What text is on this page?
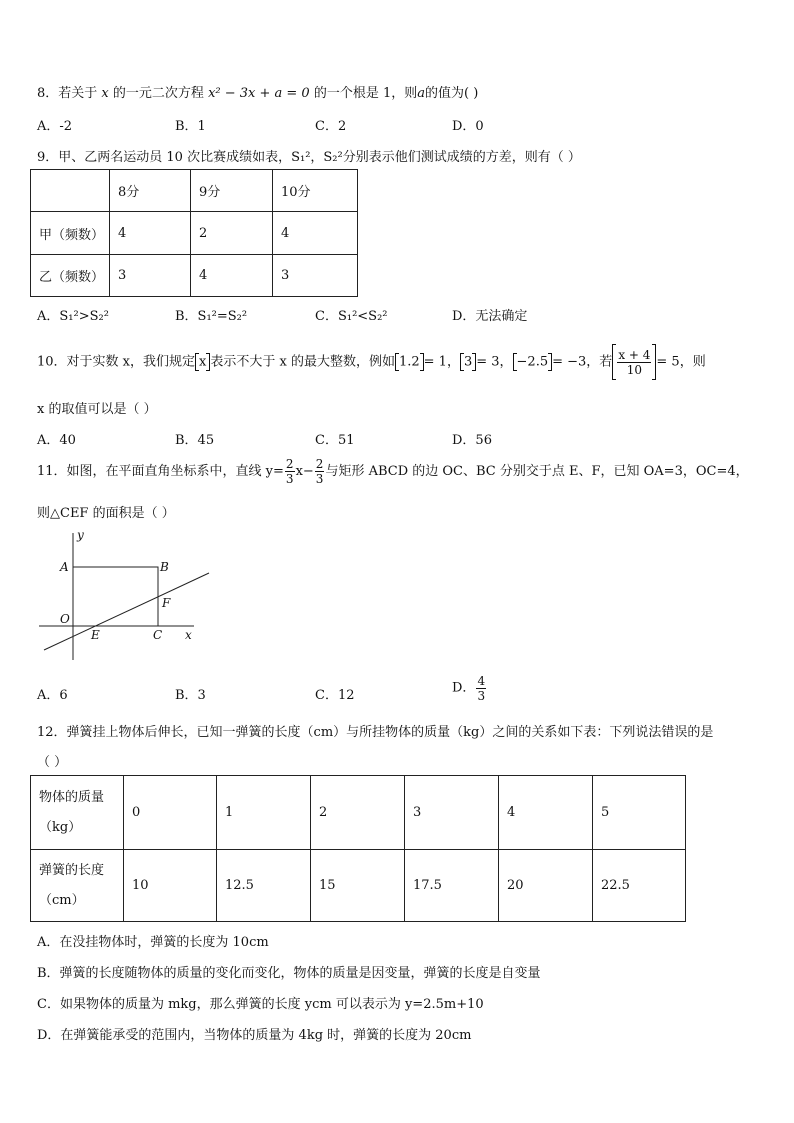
8．若关于 x 的一元二次方程 x² − 3x + a = 0 的一个根是 1，则a的值为( )
A．-2	B．1	C．2	D．0
9．甲、乙两名运动员 10 次比赛成绩如表，S₁²，S₂²分别表示他们测试成绩的方差，则有（ ）
	8分	9分	10分
甲（频数）	4	2	4
乙（频数）	3	4	3
A．S₁²>S₂²	B．S₁²=S₂²	C．S₁²<S₂²	D．无法确定
10．对于实数 x，我们规定 x 表示不大于 x 的最大整数，例如 1.2 = 1， 3 = 3， −2.5 = −3，若 $\frac{x + 4}{10} = 5$，则
x 的取值可以是（ ）
A．40	B．45	C．51	D．56
11．如图，在平面直角坐标系中，直线 $y= \frac{2}{3} x- \frac{2}{3}$ 与矩形 ABCD 的边 OC、BC 分别交于点 E、F，已知 OA=3，OC=4，
则△CEF 的面积是（ ）
y
A	B
F
O
E	C x
A．6	B．3	C．12	D． $\frac{4}{3}$
12．弹簧挂上物体后伸长，已知一弹簧的长度（cm）与所挂物体的质量（kg）之间的关系如下表：下列说法错误的是
（ ）
物体的质量
（kg）	0	1	2	3	4	5
弹簧的长度
（cm）	10	12.5	15	17.5	20	22.5
A．在没挂物体时，弹簧的长度为 10cm
B．弹簧的长度随物体的质量的变化而变化，物体的质量是因变量，弹簧的长度是自变量
C．如果物体的质量为 mkg，那么弹簧的长度 ycm 可以表示为 y=2.5m+10
D．在弹簧能承受的范围内，当物体的质量为 4kg 时，弹簧的长度为 20cm
